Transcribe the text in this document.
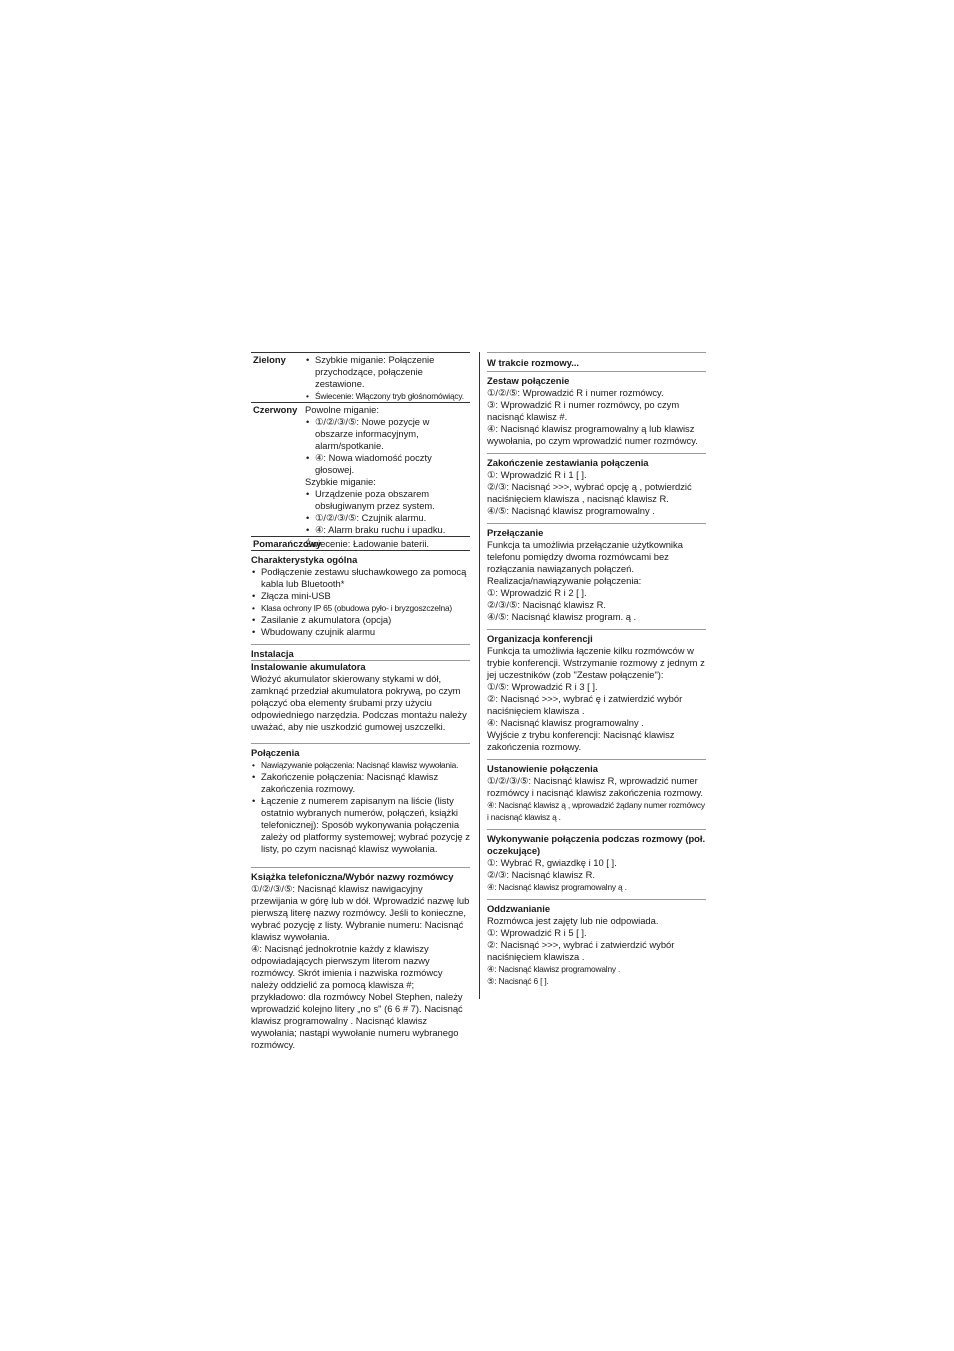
Zielony
•	Szybkie miganie: Połączenie przychodzące, połączenie zestawione.
• Świecenie: Włączony tryb głośnomówiący.
Czerwony Powolne miganie:

• ①/②/③/⑤: Nowe pozycje w obszarze informacyjnym, alarm/spotkanie.
• ④: Nowa wiadomość poczty głosowej.

Szybkie miganie:

• Urządzenie poza obszarem obsługiwanym przez system.
• ①/②/③/⑤: Czujnik alarmu.
• ④: Alarm braku ruchu i upadku.
Pomarańczowy
Świecenie: Ładowanie baterii.
Charakterystyka ogólna
• Podłączenie zestawu słuchawkowego za pomocą kabla lub Bluetooth*
• Złącza mini-USB
• Klasa ochrony IP 65 (obudowa pyło- i bryzgoszczelna)
• Zasilanie z akumulatora (opcja)
• Wbudowany czujnik alarmu
Instalacja
Instalowanie akumulatora

Włożyć akumulator skierowany stykami w dół, zamknąć przedział akumulatora pokrywą, po czym połączyć oba elementy śrubami przy użyciu odpowiedniego narzędzia. Podczas montażu należy uważać, aby nie uszkodzić gumowej uszczelki.

Połączenia
• Nawiązywanie połączenia: Nacisnąć klawisz wywołania.
• Zakończenie połączenia: Nacisnąć klawisz zakończenia rozmowy.
• Łączenie z numerem zapisanym na liście (listy ostatnio wybranych numerów, połączeń, książki telefonicznej): Sposób wykonywania połączenia zależy od platformy systemowej; wybrać pozycję z listy, po czym nacisnąć klawisz wywołania.
Książka telefoniczna/Wybór nazwy rozmówcy

①/②/③/⑤: Nacisnąć klawisz nawigacyjny przewijania w górę lub w dół. Wprowadzić nazwę lub pierwszą literę nazwy rozmówcy. Jeśli to konieczne, wybrać pozycję z listy. Wybranie numeru: Nacisnąć klawisz wywołania.

④: Nacisnąć jednokrotnie każdy z klawiszy odpowiadających pierwszym literom nazwy rozmówcy. Skrót imienia i nazwiska rozmówcy należy oddzielić za pomocą klawisza #; przykładowo: dla rozmówcy Nobel Stephen, należy wprowadzić kolejno litery „no s" (6 6 # 7). Nacisnąć klawisz programowalny . Nacisnąć klawisz wywołania; nastąpi wywołanie numeru wybranego rozmówcy.

W trakcie rozmowy...
Zestaw połączenie

①/②/⑤: Wprowadzić R i numer rozmówcy.

③: Wprowadzić R i numer rozmówcy, po czym nacisnąć klawisz #.

④: Nacisnąć klawisz programowalny ą lub klawisz wywołania, po czym wprowadzić numer rozmówcy.

Zakończenie zestawiania połączenia

①: Wprowadzić R i 1 [ ].

②/③: Nacisnąć >>>, wybrać opcję ą , potwierdzić naciśnięciem klawisza , nacisnąć klawisz R.

④/⑤: Nacisnąć klawisz programowalny .

Przełączanie

Funkcja ta umożliwia przełączanie użytkownika telefonu pomiędzy dwoma rozmówcami bez rozłączania nawiązanych połączeń. Realizacja/nawiązywanie połączenia:

①: Wprowadzić R i 2 [ ].

②/③/⑤: Nacisnąć klawisz R.

④/⑤: Nacisnąć klawisz program. ą .

Organizacja konferencji

Funkcja ta umożliwia łączenie kilku rozmówców w trybie konferencji. Wstrzymanie rozmowy z jednym z jej uczestników (zob "Zestaw połączenie"):

①/⑤: Wprowadzić R i 3 [ ].

②: Nacisnąć >>>, wybrać ę i zatwierdzić wybór naciśnięciem klawisza .

④: Nacisnąć klawisz programowalny .

Wyjście z trybu konferencji: Nacisnąć klawisz zakończenia rozmowy.

Ustanowienie połączenia

①/②/③/⑤: Nacisnąć klawisz R, wprowadzić numer rozmówcy i nacisnąć klawisz zakończenia rozmowy.

④: Nacisnąć klawisz ą , wprowadzić żądany numer rozmówcy i nacisnąć klawisz ą .

Wykonywanie połączenia podczas rozmowy (poł. oczekujące)

①: Wybrać R, gwiazdkę i 10 [ ].

②/③: Nacisnąć klawisz R.

④: Nacisnąć klawisz programowalny ą .

Oddzwanianie

Rozmówca jest zajęty lub nie odpowiada.

①: Wprowadzić R i 5 [ ].

②: Nacisnąć >>>, wybrać i zatwierdzić wybór naciśnięciem klawisza .

④: Nacisnąć klawisz programowalny .

⑤: Nacisnąć 6 [ ].
